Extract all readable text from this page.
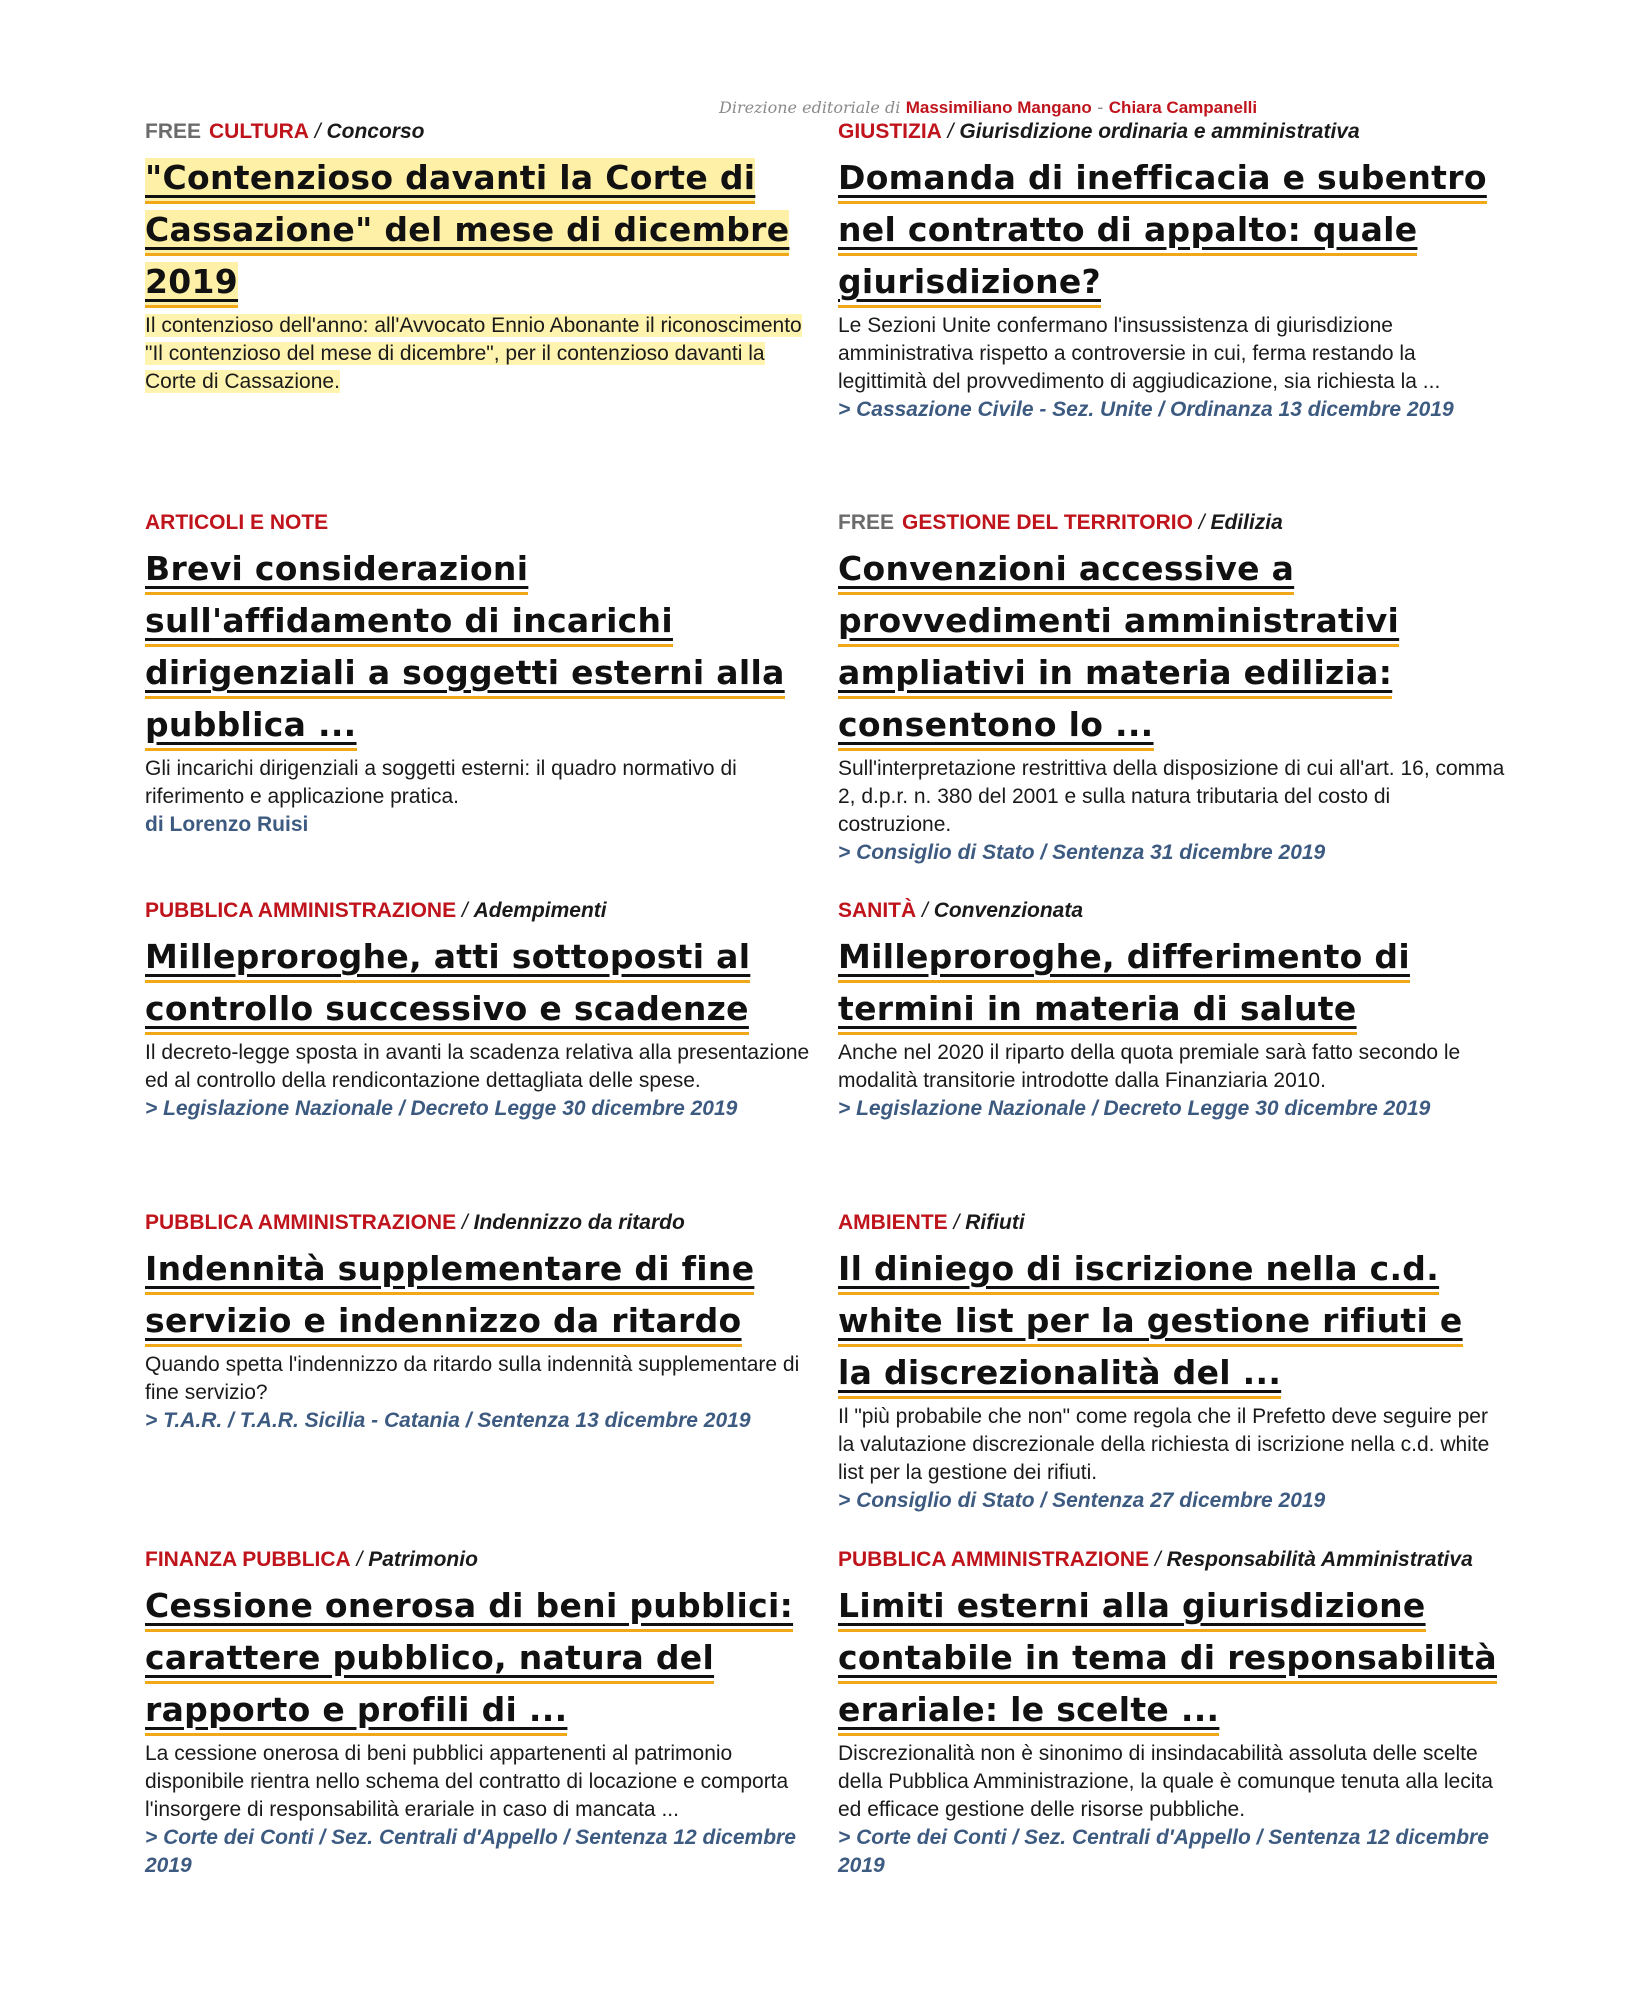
Direzione editoriale di Massimiliano Mangano - Chiara Campanelli
FREE CULTURA / Concorso
"Contenzioso davanti la Corte di Cassazione" del mese di dicembre 2019
Il contenzioso dell'anno: all'Avvocato Ennio Abonante il riconoscimento "Il contenzioso del mese di dicembre", per il contenzioso davanti la Corte di Cassazione.
GIUSTIZIA / Giurisdizione ordinaria e amministrativa
Domanda di inefficacia e subentro nel contratto di appalto: quale giurisdizione?
Le Sezioni Unite confermano l'insussistenza di giurisdizione amministrativa rispetto a controversie in cui, ferma restando la legittimità del provvedimento di aggiudicazione, sia richiesta la ...
> Cassazione Civile - Sez. Unite / Ordinanza 13 dicembre 2019
ARTICOLI E NOTE
Brevi considerazioni sull'affidamento di incarichi dirigenziali a soggetti esterni alla pubblica ...
Gli incarichi dirigenziali a soggetti esterni: il quadro normativo di riferimento e applicazione pratica.
di Lorenzo Ruisi
FREE GESTIONE DEL TERRITORIO / Edilizia
Convenzioni accessive a provvedimenti amministrativi ampliativi in materia edilizia: consentono lo ...
Sull'interpretazione restrittiva della disposizione di cui all'art. 16, comma 2, d.p.r. n. 380 del 2001 e sulla natura tributaria del costo di costruzione.
> Consiglio di Stato / Sentenza 31 dicembre 2019
PUBBLICA AMMINISTRAZIONE / Adempimenti
Milleproroghe, atti sottoposti al controllo successivo e scadenze
Il decreto-legge sposta in avanti la scadenza relativa alla presentazione ed al controllo della rendicontazione dettagliata delle spese.
> Legislazione Nazionale / Decreto Legge 30 dicembre 2019
SANITÀ / Convenzionata
Milleproroghe, differimento di termini in materia di salute
Anche nel 2020 il riparto della quota premiale sarà fatto secondo le modalità transitorie introdotte dalla Finanziaria 2010.
> Legislazione Nazionale / Decreto Legge 30 dicembre 2019
PUBBLICA AMMINISTRAZIONE / Indennizzo da ritardo
Indennità supplementare di fine servizio e indennizzo da ritardo
Quando spetta l'indennizzo da ritardo sulla indennità supplementare di fine servizio?
> T.A.R. / T.A.R. Sicilia - Catania / Sentenza 13 dicembre 2019
AMBIENTE / Rifiuti
Il diniego di iscrizione nella c.d. white list per la gestione rifiuti e la discrezionalità del ...
Il "più probabile che non" come regola che il Prefetto deve seguire per la valutazione discrezionale della richiesta di iscrizione nella c.d. white list per la gestione dei rifiuti.
> Consiglio di Stato / Sentenza 27 dicembre 2019
FINANZA PUBBLICA / Patrimonio
Cessione onerosa di beni pubblici: carattere pubblico, natura del rapporto e profili di ...
La cessione onerosa di beni pubblici appartenenti al patrimonio disponibile rientra nello schema del contratto di locazione e comporta l'insorgere di responsabilità erariale in caso di mancata ...
> Corte dei Conti / Sez. Centrali d'Appello / Sentenza 12 dicembre 2019
PUBBLICA AMMINISTRAZIONE / Responsabilità Amministrativa
Limiti esterni alla giurisdizione contabile in tema di responsabilità erariale: le scelte ...
Discrezionalità non è sinonimo di insindacabilità assoluta delle scelte della Pubblica Amministrazione, la quale è comunque tenuta alla lecita ed efficace gestione delle risorse pubbliche.
> Corte dei Conti / Sez. Centrali d'Appello / Sentenza 12 dicembre 2019
